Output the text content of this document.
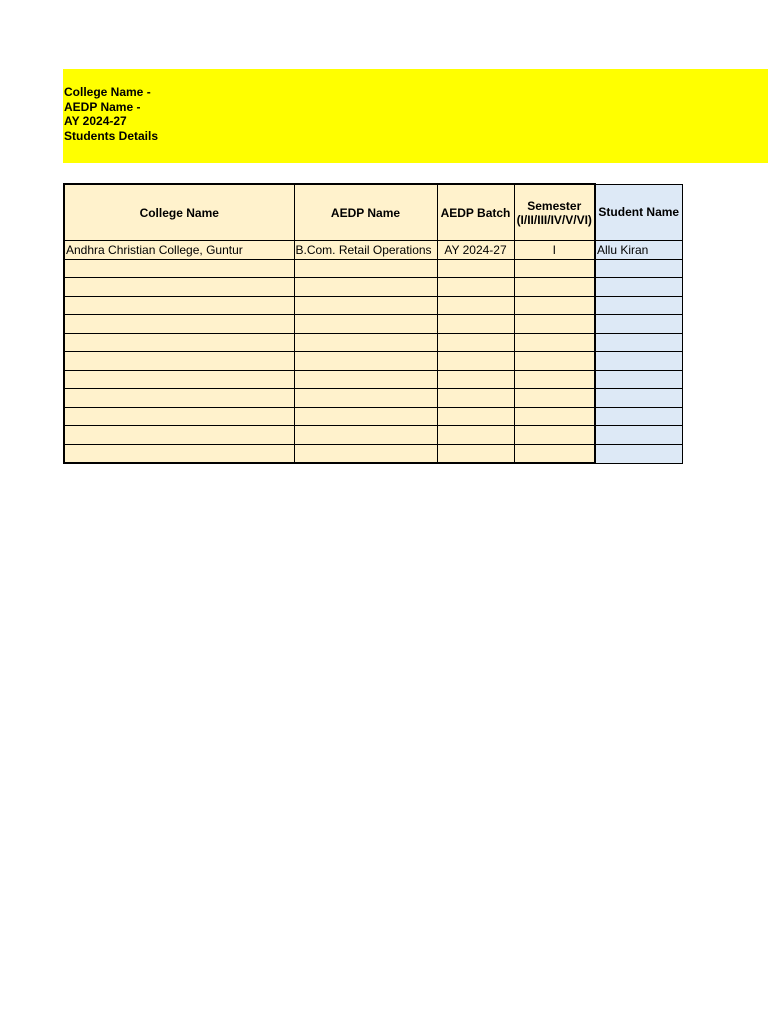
College Name -
AEDP Name -
AY 2024-27
Students Details
College Name	AEDP Name	AEDP Batch	Semester (I/II/III/IV/V/VI)	Student Name
Andhra Christian College, Guntur	B.Com. Retail Operations	AY 2024-27	I	Allu Kiran
